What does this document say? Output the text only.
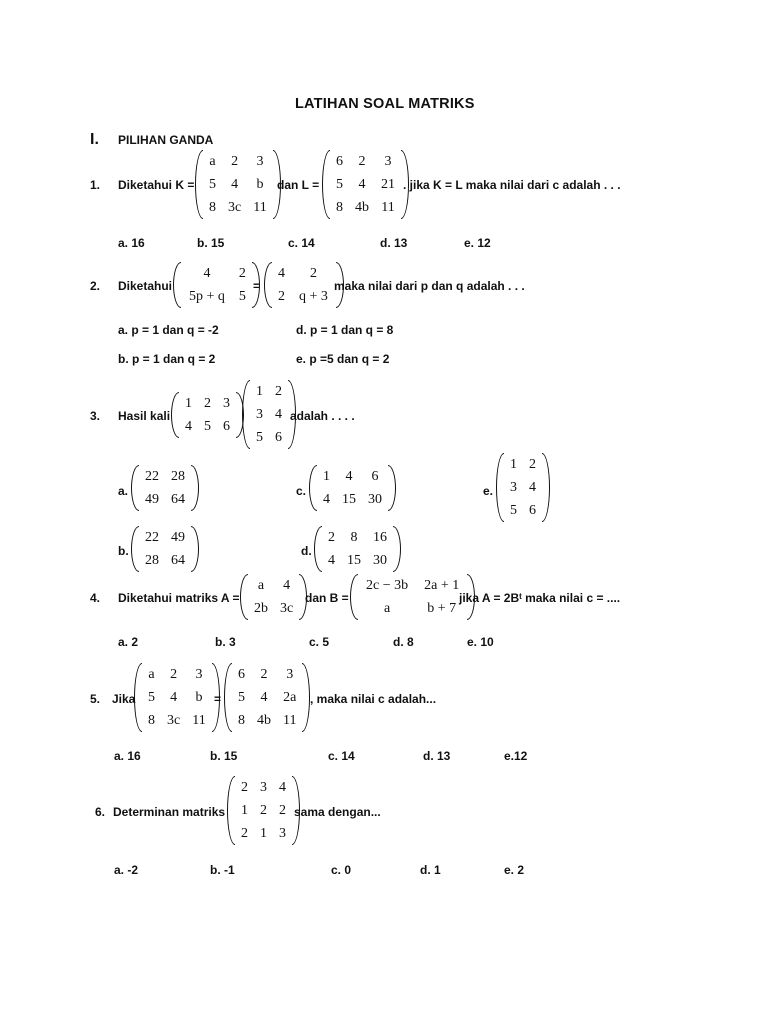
LATIHAN SOAL MATRIKS
I. PILIHAN GANDA
1. Diketahui K =
a	2	3
5	4	b
8	3c	11
dan L =
6	2	3
5	4	21
8	4b	11
. jika K = L maka nilai dari c adalah . . .
a. 16	b. 15	c. 14	d. 13	e. 12
2. Diketahui
4	2
5p + q	5
=
4	2
2	q + 3
maka nilai dari p dan q adalah . . .
a. p = 1 dan q = -2	d. p = 1 dan q = 8
b. p = 1 dan q = 2	e. p =5 dan q = 2
3. Hasil kali
1	2	3
4	5	6
1	2
3	4
5	6
adalah . . . .
a.
22	28
49	64
c.
1	4	6
4	15	30
e.
1	2
3	4
5	6
b.
22	49
28	64
d.
2	8	16
4	15	30
4. Diketahui matriks A =
a	4
2b	3c
dan B =
2c − 3b	2a + 1
a	b + 7
jika A = 2Bᵗ maka nilai c = ....
a. 2	b. 3	c. 5	d. 8	e. 10
5. Jika
a	2	3
5	4	b
8	3c	11
=
6	2	3
5	4	2a
8	4b	11
, maka nilai c adalah...
a. 16	b. 15	c. 14	d. 13	e.12
6. Determinan matriks
2	3	4
1	2	2
2	1	3
sama dengan...
a. -2	b. -1	c. 0	d. 1	e. 2
